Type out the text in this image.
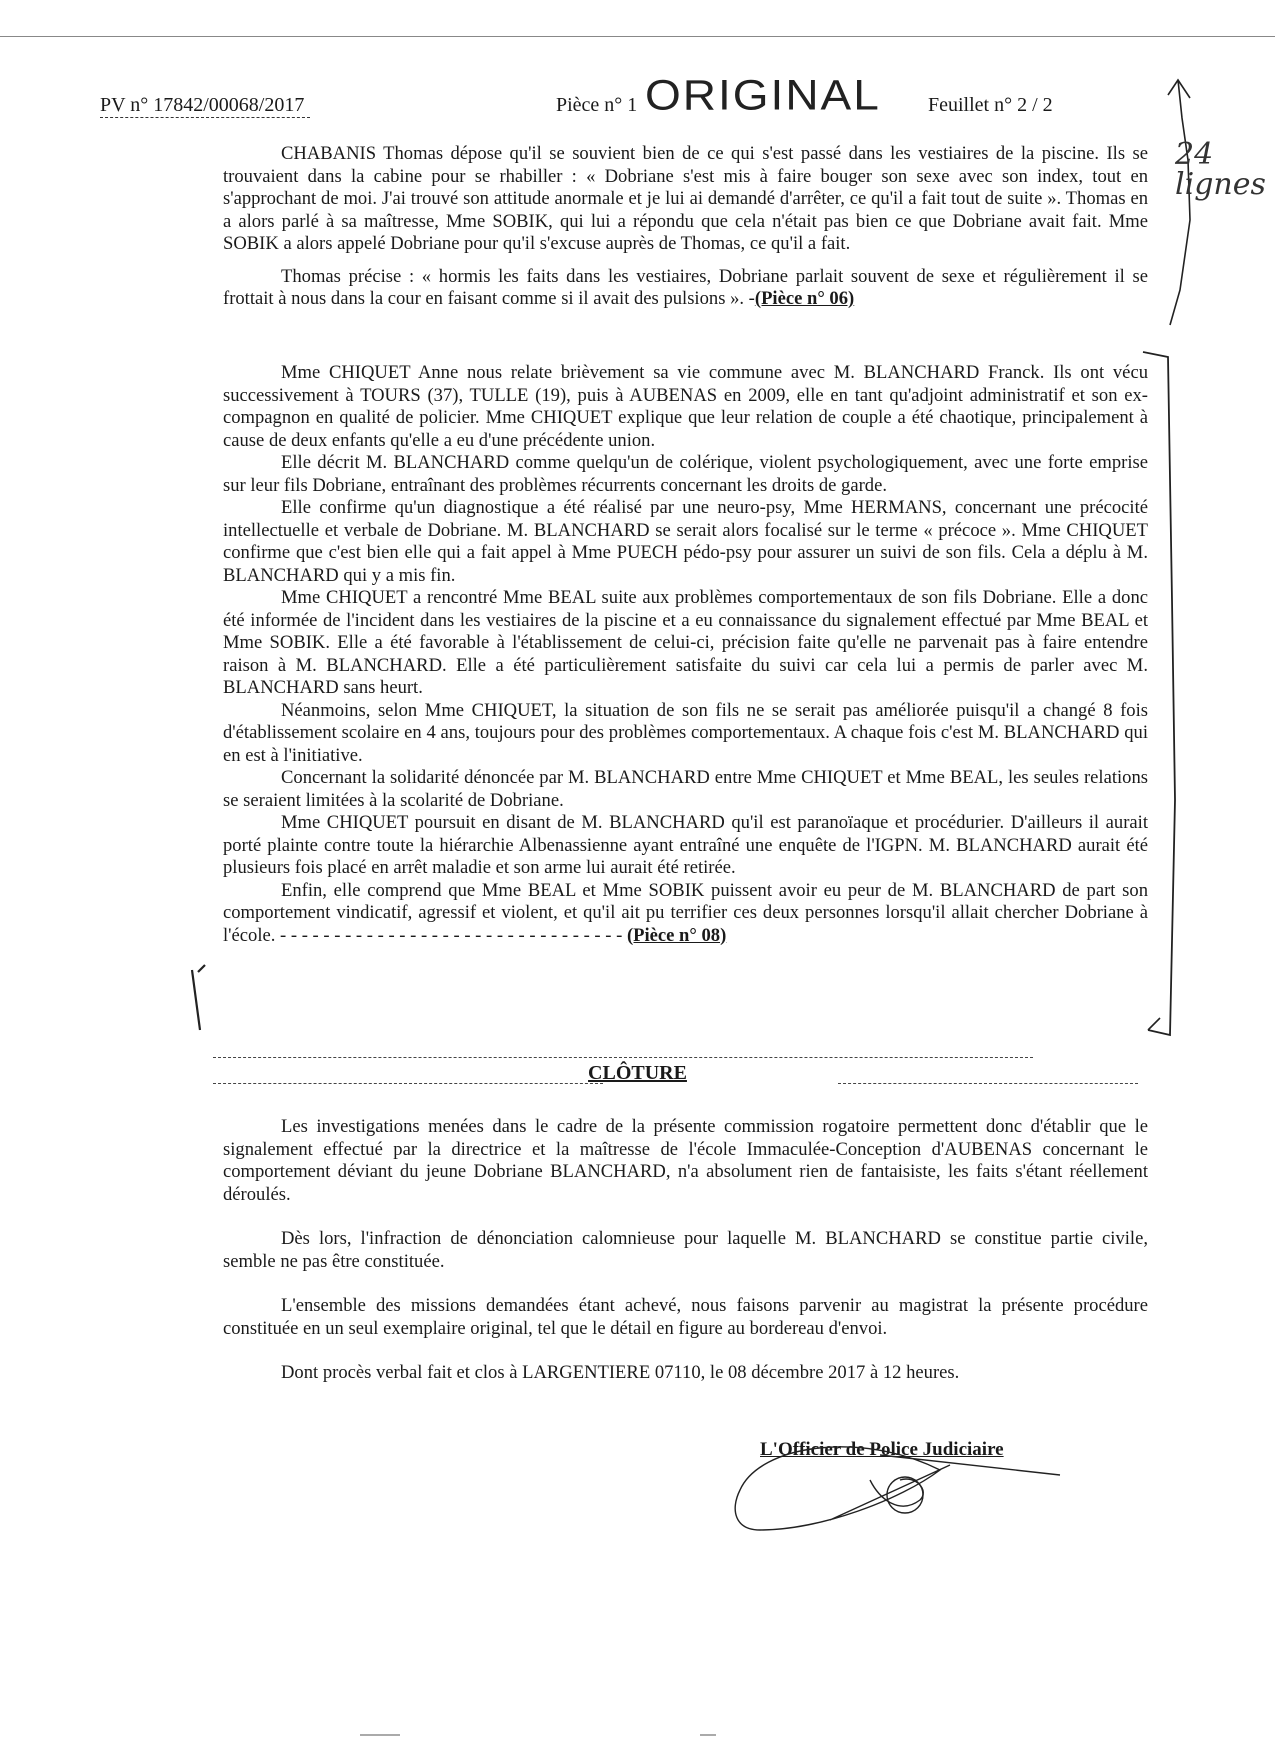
PV n° 17842/00068/2017	Pièce n° 1 ORIGINAL Feuillet n° 2 / 2

CHABANIS Thomas dépose qu'il se souvient bien de ce qui s'est passé dans les vestiaires de la piscine. Ils se trouvaient dans la cabine pour se rhabiller : « Dobriane s'est mis à faire bouger son sexe avec son index, tout en s'approchant de moi. J'ai trouvé son attitude anormale et je lui ai demandé d'arrêter, ce qu'il a fait tout de suite ». Thomas en a alors parlé à sa maîtresse, Mme SOBIK, qui lui a répondu que cela n'était pas bien ce que Dobriane avait fait. Mme SOBIK a alors appelé Dobriane pour qu'il s'excuse auprès de Thomas, ce qu'il a fait.

Thomas précise : « hormis les faits dans les vestiaires, Dobriane parlait souvent de sexe et régulièrement il se frottait à nous dans la cour en faisant comme si il avait des pulsions ». -(Pièce n° 06)

Mme CHIQUET Anne nous relate brièvement sa vie commune avec M. BLANCHARD Franck. Ils ont vécu successivement à TOURS (37), TULLE (19), puis à AUBENAS en 2009, elle en tant qu'adjoint administratif et son ex-compagnon en qualité de policier. Mme CHIQUET explique que leur relation de couple a été chaotique, principalement à cause de deux enfants qu'elle a eu d'une précédente union.

Elle décrit M. BLANCHARD comme quelqu'un de colérique, violent psychologiquement, avec une forte emprise sur leur fils Dobriane, entraînant des problèmes récurrents concernant les droits de garde.

Elle confirme qu'un diagnostique a été réalisé par une neuro-psy, Mme HERMANS, concernant une précocité intellectuelle et verbale de Dobriane. M. BLANCHARD se serait alors focalisé sur le terme « précoce ». Mme CHIQUET confirme que c'est bien elle qui a fait appel à Mme PUECH pédo-psy pour assurer un suivi de son fils. Cela a déplu à M. BLANCHARD qui y a mis fin.

Mme CHIQUET a rencontré Mme BEAL suite aux problèmes comportementaux de son fils Dobriane. Elle a donc été informée de l'incident dans les vestiaires de la piscine et a eu connaissance du signalement effectué par Mme BEAL et Mme SOBIK. Elle a été favorable à l'établissement de celui-ci, précision faite qu'elle ne parvenait pas à faire entendre raison à M. BLANCHARD. Elle a été particulièrement satisfaite du suivi car cela lui a permis de parler avec M. BLANCHARD sans heurt.

Néanmoins, selon Mme CHIQUET, la situation de son fils ne se serait pas améliorée puisqu'il a changé 8 fois d'établissement scolaire en 4 ans, toujours pour des problèmes comportementaux. A chaque fois c'est M. BLANCHARD qui en est à l'initiative.

Concernant la solidarité dénoncée par M. BLANCHARD entre Mme CHIQUET et Mme BEAL, les seules relations se seraient limitées à la scolarité de Dobriane.

Mme CHIQUET poursuit en disant de M. BLANCHARD qu'il est paranoïaque et procédurier. D'ailleurs il aurait porté plainte contre toute la hiérarchie Albenassienne ayant entraîné une enquête de l'IGPN. M. BLANCHARD aurait été plusieurs fois placé en arrêt maladie et son arme lui aurait été retirée.

Enfin, elle comprend que Mme BEAL et Mme SOBIK puissent avoir eu peur de M. BLANCHARD de part son comportement vindicatif, agressif et violent, et qu'il ait pu terrifier ces deux personnes lorsqu'il allait chercher Dobriane à l'école. - - - - - - - - - - - - - - - - - - - - - - - - - - - - - - - - (Pièce n° 08)

CLÔTURE

Les investigations menées dans le cadre de la présente commission rogatoire permettent donc d'établir que le signalement effectué par la directrice et la maîtresse de l'école Immaculée-Conception d'AUBENAS concernant le comportement déviant du jeune Dobriane BLANCHARD, n'a absolument rien de fantaisiste, les faits s'étant réellement déroulés.

Dès lors, l'infraction de dénonciation calomnieuse pour laquelle M. BLANCHARD se constitue partie civile, semble ne pas être constituée.

L'ensemble des missions demandées étant achevé, nous faisons parvenir au magistrat la présente procédure constituée en un seul exemplaire original, tel que le détail en figure au bordereau d'envoi.

Dont procès verbal fait et clos à LARGENTIERE 07110, le 08 décembre 2017 à 12 heures.

L'Officier de Police Judiciaire
24 lignes
